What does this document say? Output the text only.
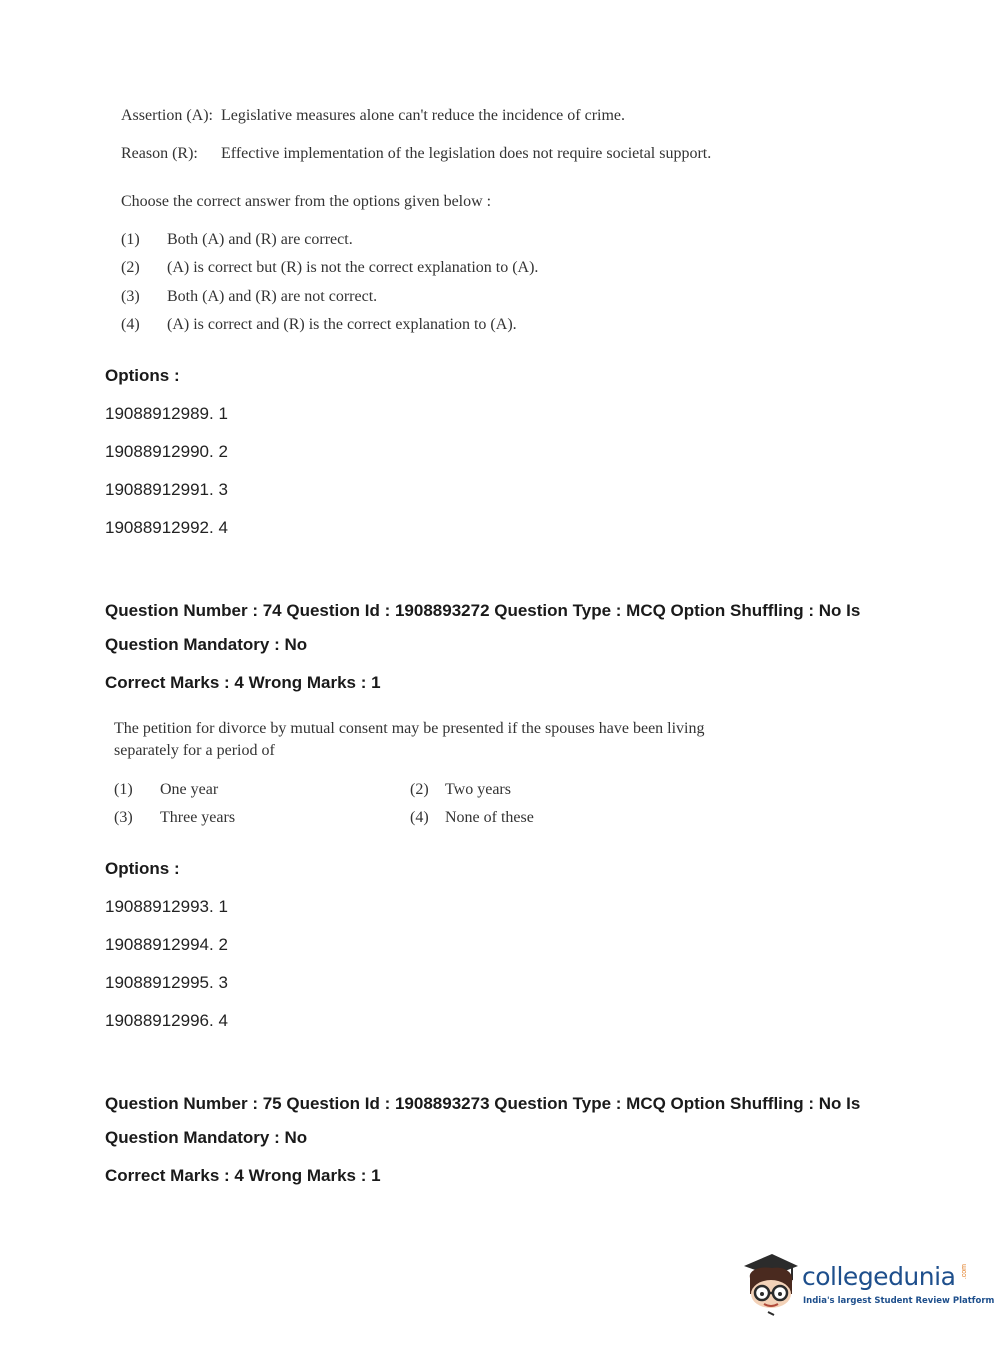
Assertion (A): Legislative measures alone can't reduce the incidence of crime.
Reason (R): Effective implementation of the legislation does not require societal support.
Choose the correct answer from the options given below :
(1) Both (A) and (R) are correct.
(2) (A) is correct but (R) is not the correct explanation to (A).
(3) Both (A) and (R) are not correct.
(4) (A) is correct and (R) is the correct explanation to (A).
Options :
19088912989. 1
19088912990. 2
19088912991. 3
19088912992. 4
Question Number : 74 Question Id : 1908893272 Question Type : MCQ Option Shuffling : No Is
Question Mandatory : No
Correct Marks : 4 Wrong Marks : 1
The petition for divorce by mutual consent may be presented if the spouses have been living
separately for a period of
(1) One year	(2) Two years
(3) Three years	(4) None of these
Options :
19088912993. 1
19088912994. 2
19088912995. 3
19088912996. 4
Question Number : 75 Question Id : 1908893273 Question Type : MCQ Option Shuffling : No Is
Question Mandatory : No
Correct Marks : 4 Wrong Marks : 1
collegedunia .com
India's largest Student Review Platform
